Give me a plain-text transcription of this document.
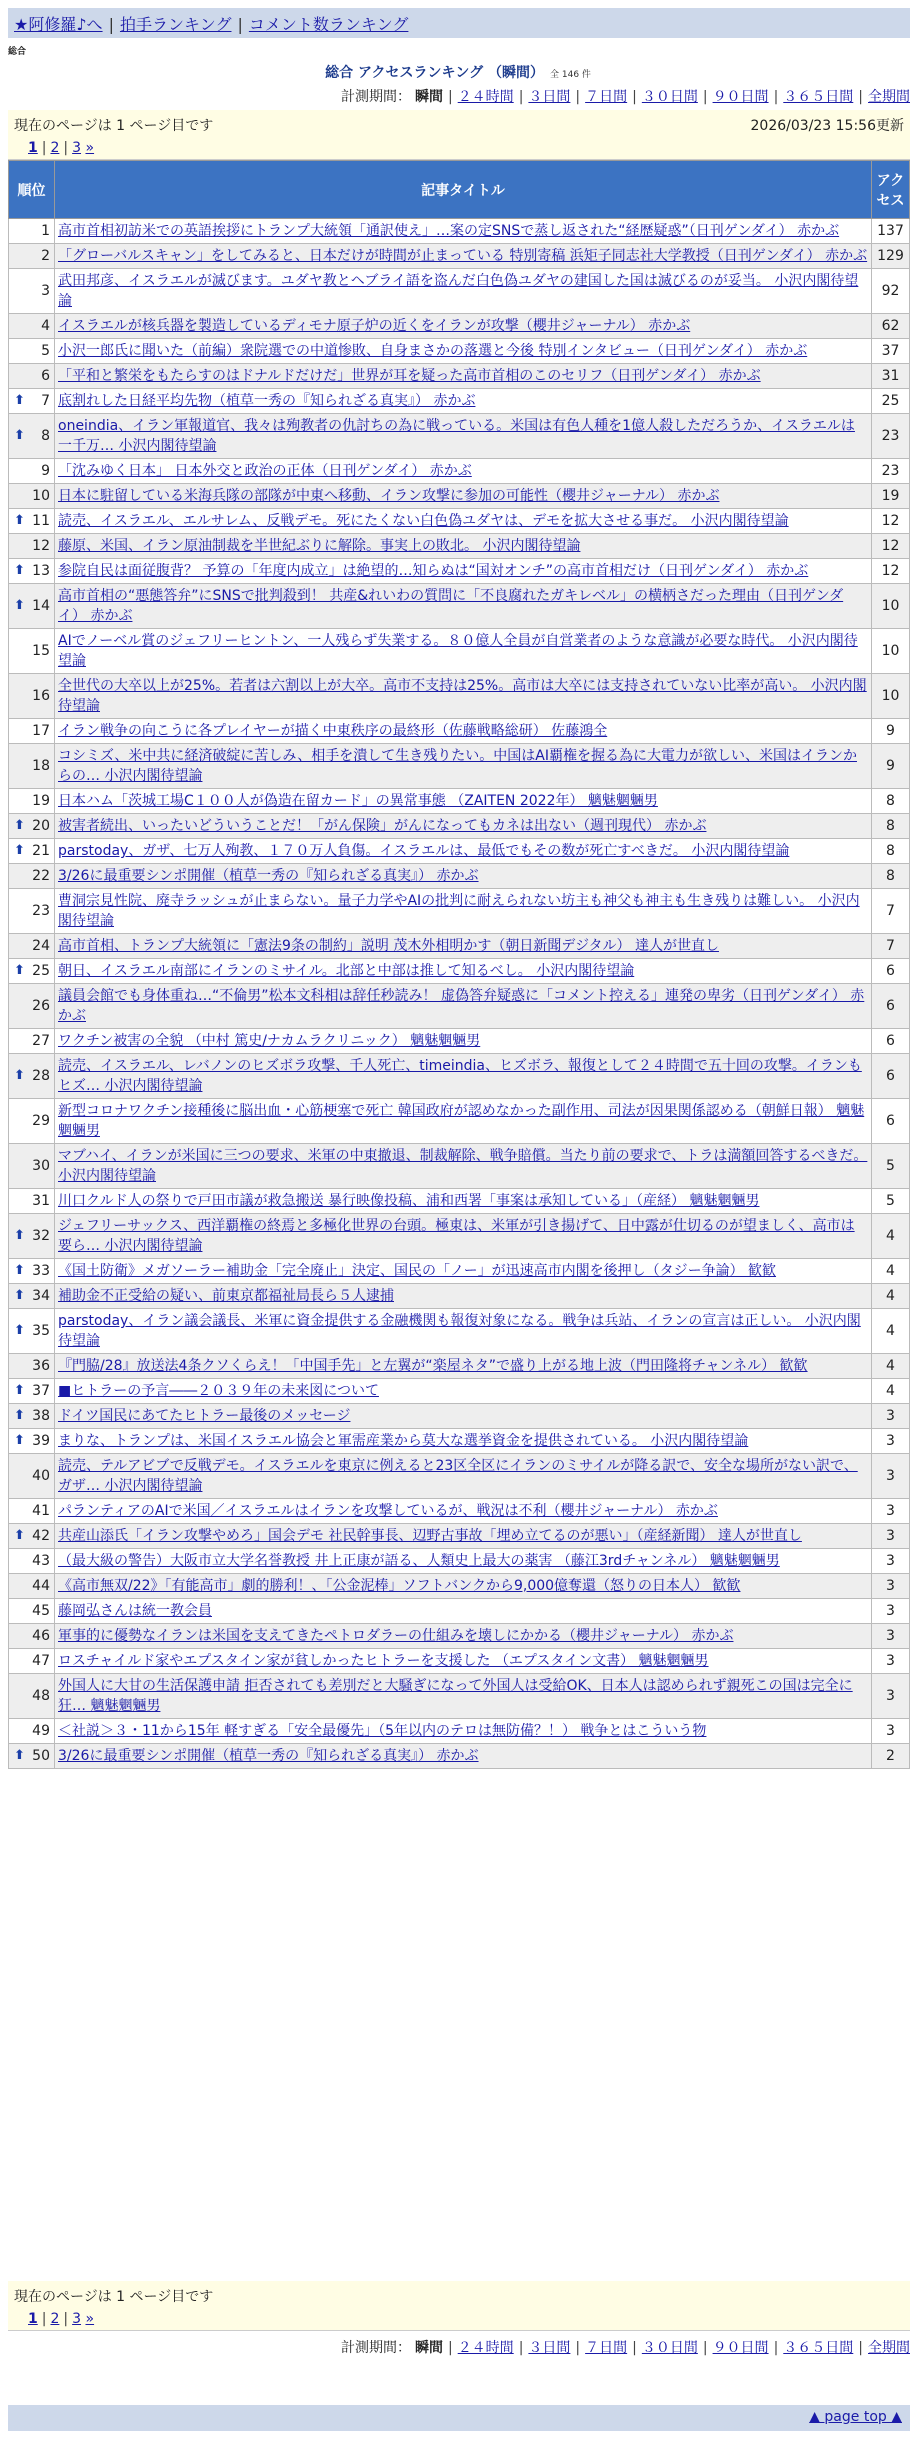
★阿修羅♪へ | 拍手ランキング | コメント数ランキング
総合
総合 アクセスランキング （瞬間） 全 146 件
計測期間： 瞬間 | ２４時間 | ３日間 | ７日間 | ３０日間 | ９０日間 | ３６５日間 | 全期間
現在のページは 1 ページ目です	2026/03/23 15:56更新
1 | 2 | 3 »
順位	記事タイトル	アクセス
1	高市首相初訪米での英語挨拶にトランプ大統領「通訳使え」…案の定SNSで蒸し返された“経歴疑惑”（日刊ゲンダイ） 赤かぶ	137
2	「グローバルスキャン」をしてみると、日本だけが時間が止まっている 特別寄稿 浜矩子同志社大学教授（日刊ゲンダイ） 赤かぶ	129
3	武田邦彦、イスラエルが滅びます。ユダヤ教とヘブライ語を盗んだ白色偽ユダヤの建国した国は滅びるのが妥当。 小沢内閣待望論	92
4	イスラエルが核兵器を製造しているディモナ原子炉の近くをイランが攻撃（櫻井ジャーナル） 赤かぶ	62
5	小沢一郎氏に聞いた（前編）衆院選での中道惨敗、自身まさかの落選と今後 特別インタビュー（日刊ゲンダイ） 赤かぶ	37
6	「平和と繁栄をもたらすのはドナルドだけだ」世界が耳を疑った高市首相のこのセリフ（日刊ゲンダイ） 赤かぶ	31

⬆ 7	底割れした日経平均先物（植草一秀の『知られざる真実』） 赤かぶ	25

⬆ 8	oneindia、イラン軍報道官、我々は殉教者の仇討ちの為に戦っている。米国は有色人種を1億人殺しただろうか、イスラエルは一千万… 小沢内閣待望論	23
9	「沈みゆく日本」 日本外交と政治の正体（日刊ゲンダイ） 赤かぶ	23
10	日本に駐留している米海兵隊の部隊が中東へ移動、イラン攻撃に参加の可能性（櫻井ジャーナル） 赤かぶ	19

⬆ 11	読売、イスラエル、エルサレム、反戦デモ。死にたくない白色偽ユダヤは、デモを拡大させる事だ。 小沢内閣待望論	12
12	藤原、米国、イラン原油制裁を半世紀ぶりに解除。事実上の敗北。 小沢内閣待望論	12

⬆ 13	参院自民は面従腹背？ 予算の「年度内成立」は絶望的…知らぬは“国対オンチ”の高市首相だけ（日刊ゲンダイ） 赤かぶ	12

⬆ 14	高市首相の“悪態答弁”にSNSで批判殺到！ 共産&れいわの質問に「不良腐れたガキレベル」の横柄さだった理由（日刊ゲンダイ） 赤かぶ	10
15	AIでノーベル賞のジェフリーヒントン、一人残らず失業する。８０億人全員が自営業者のような意識が必要な時代。 小沢内閣待望論	10
16	全世代の大卒以上が25%。若者は六割以上が大卒。高市不支持は25%。高市は大卒には支持されていない比率が高い。 小沢内閣待望論	10
17	イラン戦争の向こうに各プレイヤーが描く中東秩序の最終形（佐藤戦略総研） 佐藤鴻全	9
18	コシミズ、米中共に経済破綻に苦しみ、相手を潰して生き残りたい。中国はAI覇権を握る為に大電力が欲しい、米国はイランからの… 小沢内閣待望論	9
19	日本ハム「茨城工場C１００人が偽造在留カード」の異常事態 （ZAITEN 2022年） 魑魅魍魎男	8

⬆ 20	被害者続出、いったいどういうことだ！「がん保険」がんになってもカネは出ない（週刊現代） 赤かぶ	8

⬆ 21	parstoday、ガザ、七万人殉教、１７０万人負傷。イスラエルは、最低でもその数が死亡すべきだ。 小沢内閣待望論	8
22	3/26に最重要シンポ開催（植草一秀の『知られざる真実』） 赤かぶ	8
23	曹洞宗見性院、廃寺ラッシュが止まらない。量子力学やAIの批判に耐えられない坊主も神父も神主も生き残りは難しい。 小沢内閣待望論	7
24	高市首相、トランプ大統領に「憲法9条の制約」説明 茂木外相明かす（朝日新聞デジタル） 達人が世直し	7

⬆ 25	朝日、イスラエル南部にイランのミサイル。北部と中部は推して知るべし。 小沢内閣待望論	6
26	議員会館でも身体重ね…“不倫男”松本文科相は辞任秒読み！ 虚偽答弁疑惑に「コメント控える」連発の卑劣（日刊ゲンダイ） 赤かぶ	6
27	ワクチン被害の全貌 （中村 篤史/ナカムラクリニック） 魑魅魍魎男	6

⬆ 28	読売、イスラエル、レバノンのヒズボラ攻撃、千人死亡、timeindia、ヒズボラ、報復として２４時間で五十回の攻撃。イランもヒズ… 小沢内閣待望論	6
29	新型コロナワクチン接種後に脳出血・心筋梗塞で死亡 韓国政府が認めなかった副作用、司法が因果関係認める（朝鮮日報） 魑魅魍魎男	6
30	マブハイ、イランが米国に三つの要求、米軍の中東撤退、制裁解除、戦争賠償。当たり前の要求で、トラは満額回答するべきだ。 小沢内閣待望論	5
31	川口クルド人の祭りで戸田市議が救急搬送 暴行映像投稿、浦和西署「事案は承知している」（産経） 魑魅魍魎男	5

⬆ 32	ジェフリーサックス、西洋覇権の終焉と多極化世界の台頭。極東は、米軍が引き揚げて、日中露が仕切るのが望ましく、高市は要ら… 小沢内閣待望論	4

⬆ 33	《国土防衛》メガソーラー補助金「完全廃止」決定、国民の「ノー」が迅速高市内閣を後押し（タジー争論） 歓歓	4

⬆ 34	補助金不正受給の疑い、前東京都福祉局長ら５人逮捕	4

⬆ 35	parstoday、イラン議会議長、米軍に資金提供する金融機関も報復対象になる。戦争は兵站、イランの宣言は正しい。 小沢内閣待望論	4
36	『門脇/28』放送法4条クソくらえ！「中国手先」と左翼が“楽屋ネタ”で盛り上がる地上波（門田隆将チャンネル） 歓歓	4

⬆ 37	■ヒトラーの予言――２０３９年の未来図について	4

⬆ 38	ドイツ国民にあてたヒトラー最後のメッセージ	3

⬆ 39	まりな、トランプは、米国イスラエル協会と軍需産業から莫大な選挙資金を提供されている。 小沢内閣待望論	3
40	読売、テルアビブで反戦デモ。イスラエルを東京に例えると23区全区にイランのミサイルが降る訳で、安全な場所がない訳で、ガザ… 小沢内閣待望論	3
41	パランティアのAIで米国／イスラエルはイランを攻撃しているが、戦況は不利（櫻井ジャーナル） 赤かぶ	3

⬆ 42	共産山添氏「イラン攻撃やめろ」国会デモ 社民幹事長、辺野古事故「埋め立てるのが悪い」（産経新聞） 達人が世直し	3
43	（最大級の警告）大阪市立大学名誉教授 井上正康が語る、人類史上最大の薬害 （藤江3rdチャンネル） 魑魅魍魎男	3
44	《高市無双/22》「有能高市」劇的勝利！、「公金泥棒」ソフトバンクから9,000億奪還（怒りの日本人） 歓歓	3
45	藤岡弘さんは統一教会員	3
46	軍事的に優勢なイランは米国を支えてきたペトロダラーの仕組みを壊しにかかる（櫻井ジャーナル） 赤かぶ	3
47	ロスチャイルド家やエプスタイン家が貧しかったヒトラーを支援した （エプスタイン文書） 魑魅魍魎男	3
48	外国人に大甘の生活保護申請 拒否されても差別だと大騒ぎになって外国人は受給OK、日本人は認められず親死この国は完全に狂… 魑魅魍魎男	3
49	＜社説＞３・11から15年 軽すぎる「安全最優先」（5年以内のテロは無防備？！） 戦争とはこういう物	3

⬆ 50	3/26に最重要シンポ開催（植草一秀の『知られざる真実』） 赤かぶ	2
現在のページは 1 ページ目です
1 | 2 | 3 »
計測期間： 瞬間 | ２４時間 | ３日間 | ７日間 | ３０日間 | ９０日間 | ３６５日間 | 全期間
▲ page top ▲
